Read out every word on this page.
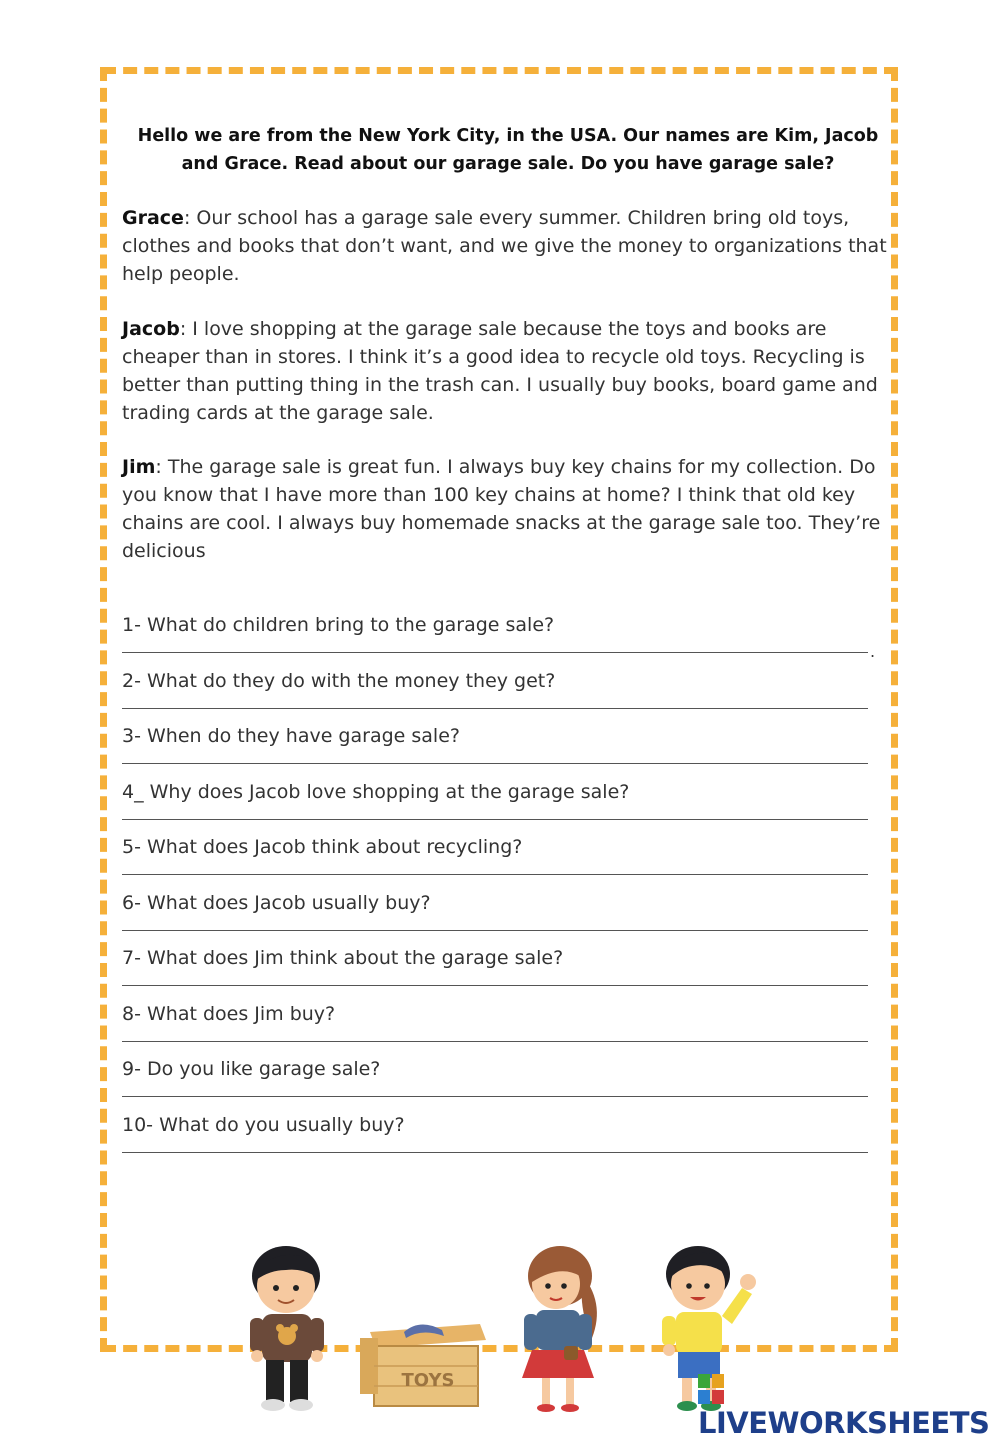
Hello we are from the New York City, in the USA. Our names are Kim, Jacob and Grace. Read about our garage sale. Do you have garage sale?
Grace: Our school has a garage sale every summer. Children bring old toys, clothes and books that don’t want, and we give the money to organizations that help people.
Jacob: I love shopping at the garage sale because the toys and books are cheaper than in stores. I think it’s a good idea to recycle old toys. Recycling is better than putting thing in the trash can. I usually buy books, board game and trading cards at the garage sale.
Jim: The garage sale is great fun. I always buy key chains for my collection. Do you know that I have more than 100 key chains at home? I think that old key chains are cool. I always buy homemade snacks at the garage sale too. They’re delicious
1- What do children bring to the garage sale?
.
2- What do they do with the money they get?
3- When do they have garage sale?
4_ Why does Jacob love shopping at the garage sale?
5- What does Jacob think about recycling?
6- What does Jacob usually buy?
7- What does Jim think about the garage sale?
8- What does Jim buy?
9- Do you like garage sale?
10- What do you usually buy?
TOYS
LIVEWORKSHEETS
